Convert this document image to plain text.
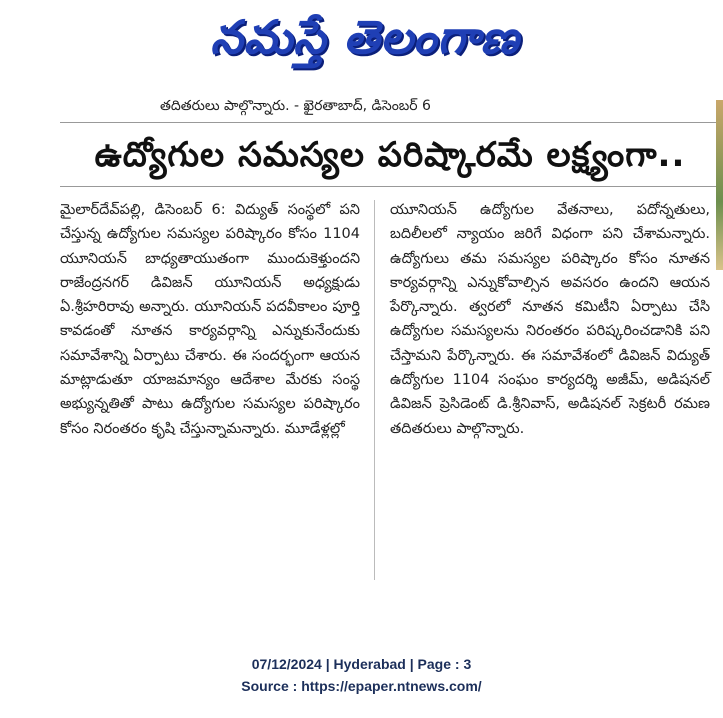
నమస్తే తెలంగాణ
తదితరులు పాల్గొన్నారు. - ఖైరతాబాద్, డిసెంబర్ 6
ఉద్యోగుల సమస్యల పరిష్కారమే లక్ష్యంగా..
మైలార్‌దేవ్‌పల్లి, డిసెంబర్ 6: విద్యుత్ సంస్థలో పని చేస్తున్న ఉద్యోగుల సమస్యల పరిష్కారం కోసం 1104 యూనియన్ బాధ్యతాయుతంగా ముందుకెళ్తుందని రాజేంద్రనగర్ డివిజన్ యూనియన్ అధ్యక్షుడు ఏ.శ్రీహరిరావు అన్నారు. యూనియన్ పదవీకాలం పూర్తి కావడంతో నూతన కార్యవర్గాన్ని ఎన్నుకునేందుకు సమావేశాన్ని ఏర్పాటు చేశారు. ఈ సందర్భంగా ఆయన మాట్లాడుతూ యాజమాన్యం ఆదేశాల మేరకు సంస్థ అభ్యున్నతితో పాటు ఉద్యోగుల సమస్యల పరిష్కారం కోసం నిరంతరం కృషి చేస్తున్నామన్నారు. మూడేళ్లల్లో
యూనియన్ ఉద్యోగుల వేతనాలు, పదోన్నతులు, బదిలీలలో న్యాయం జరిగే విధంగా పని చేశామన్నారు. ఉద్యోగులు తమ సమస్యల పరిష్కారం కోసం నూతన కార్యవర్గాన్ని ఎన్నుకోవాల్సిన అవసరం ఉందని ఆయన పేర్కొన్నారు. త్వరలో నూతన కమిటీని ఏర్పాటు చేసి ఉద్యోగుల సమస్యలను నిరంతరం పరిష్కరించడానికి పని చేస్తామని పేర్కొన్నారు. ఈ సమావేశంలో డివిజన్ విద్యుత్ ఉద్యోగుల 1104 సంఘం కార్యదర్శి అజీమ్, అడిషనల్ డివిజన్ ప్రెసిడెంట్ డి.శ్రీనివాస్, అడిషనల్ సెక్రటరీ రమణ తదితరులు పాల్గొన్నారు.
07/12/2024 | Hyderabad | Page : 3
Source : https://epaper.ntnews.com/
